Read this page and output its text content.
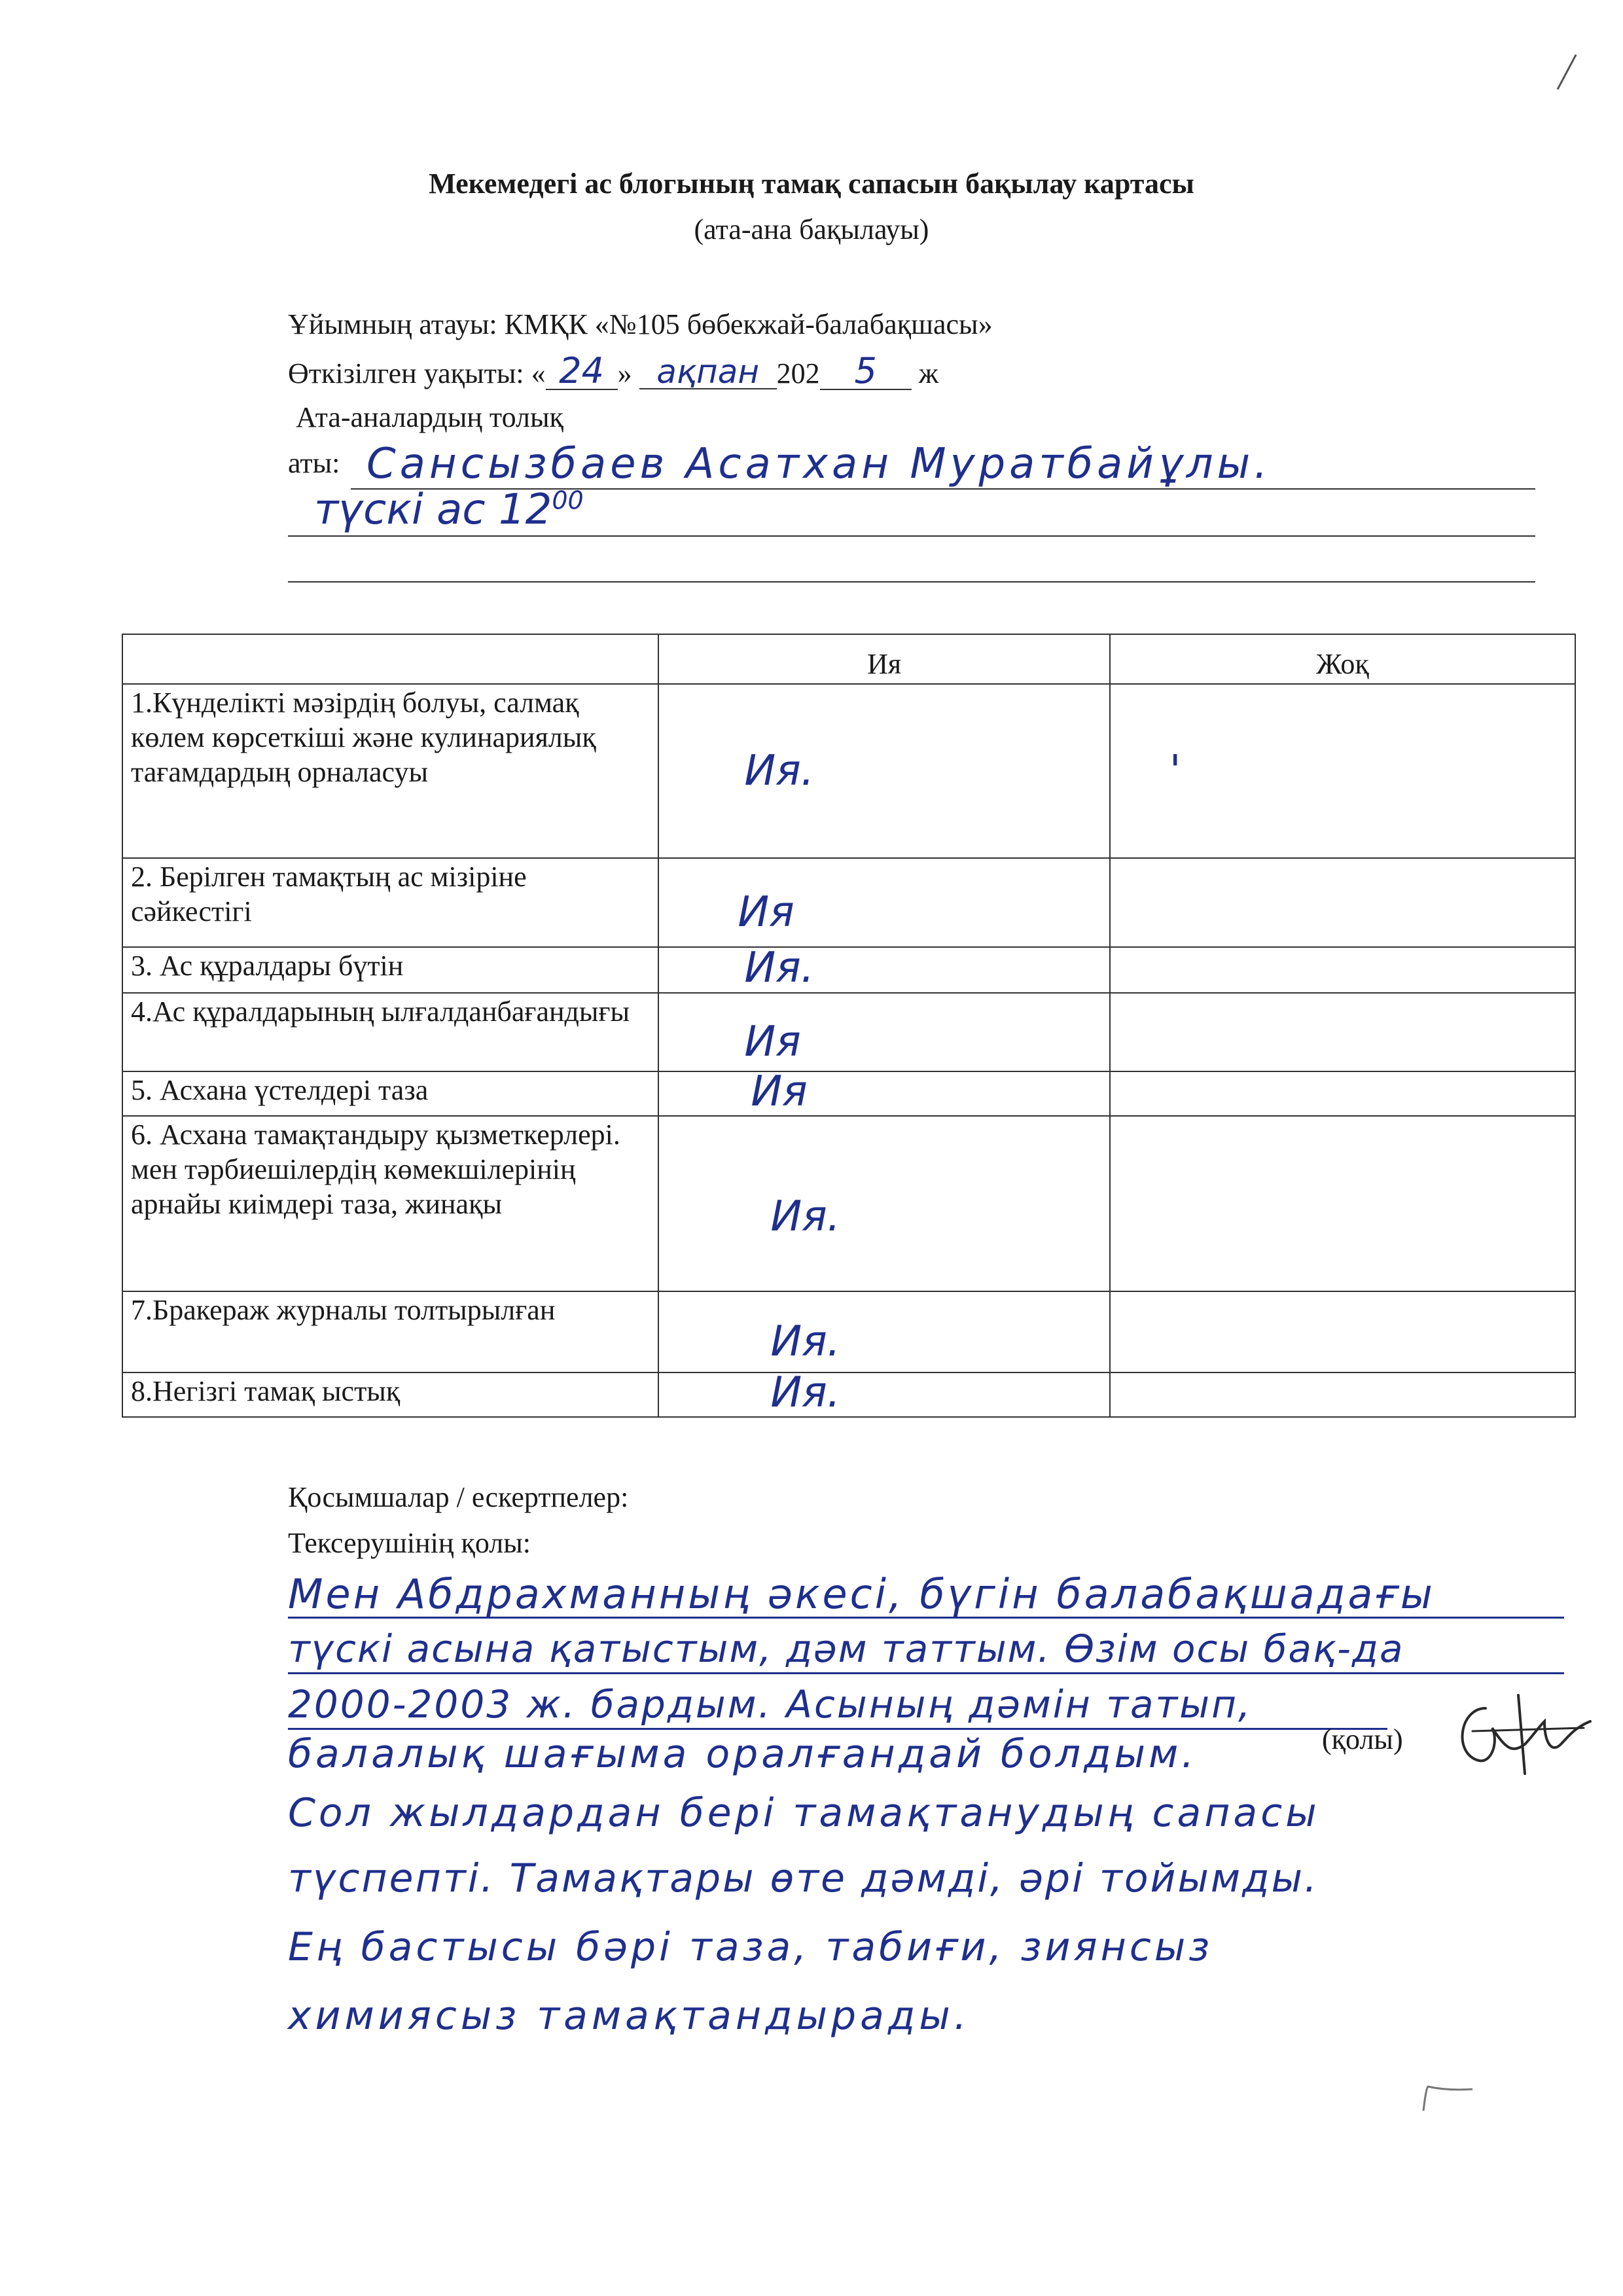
Мекемедегі ас блогының тамақ сапасын бақылау картасы
(ата-ана бақылауы)
Ұйымның атауы: КМҚК «№105 бөбекжай-балабақшасы»
Өткізілген уақыты: « 24 » ақпан 202 5 ж
Ата-аналардың толық
аты: Сансызбаев Асатхан Муратбайұлы.
түскі ас $12^{00}$
	Ия	Жоқ
1.Күнделікті мәзірдің болуы, салмақ көлем көрсеткіші және кулинариялық тағамдардың орналасуы	Ия.	'
2. Берілген тамақтың ас мізіріне сәйкестігі	Ия	
3. Ас құралдары бүтін	Ия.	
4.Ас құралдарының ылғалданбағандығы	Ия	
5. Асхана үстелдері таза	Ия	
6. Асхана тамақтандыру қызметкерлері. мен тәрбиешілердің көмекшілерінің арнайы киімдері таза, жинақы	Ия.	
7.Бракераж журналы толтырылған	Ия.	
8.Негізгі тамақ ыстық	Ия.	
Қосымшалар / ескертпелер:
Тексерушінің қолы:
Мен Абдрахманның әкесі, бүгін балабақшадағы
түскі асына қатыстым, дәм таттым. Өзім осы бақ-да
2000-2003 ж. бардым. Асының дәмін татып,
балалық шағыма оралғандай болдым.
Сол жылдардан бері тамақтанудың сапасы
түспепті. Тамақтары өте дәмді, әрі тойымды.
Ең бастысы бәрі таза, табиғи, зиянсыз
химиясыз тамақтандырады.
(қолы)
